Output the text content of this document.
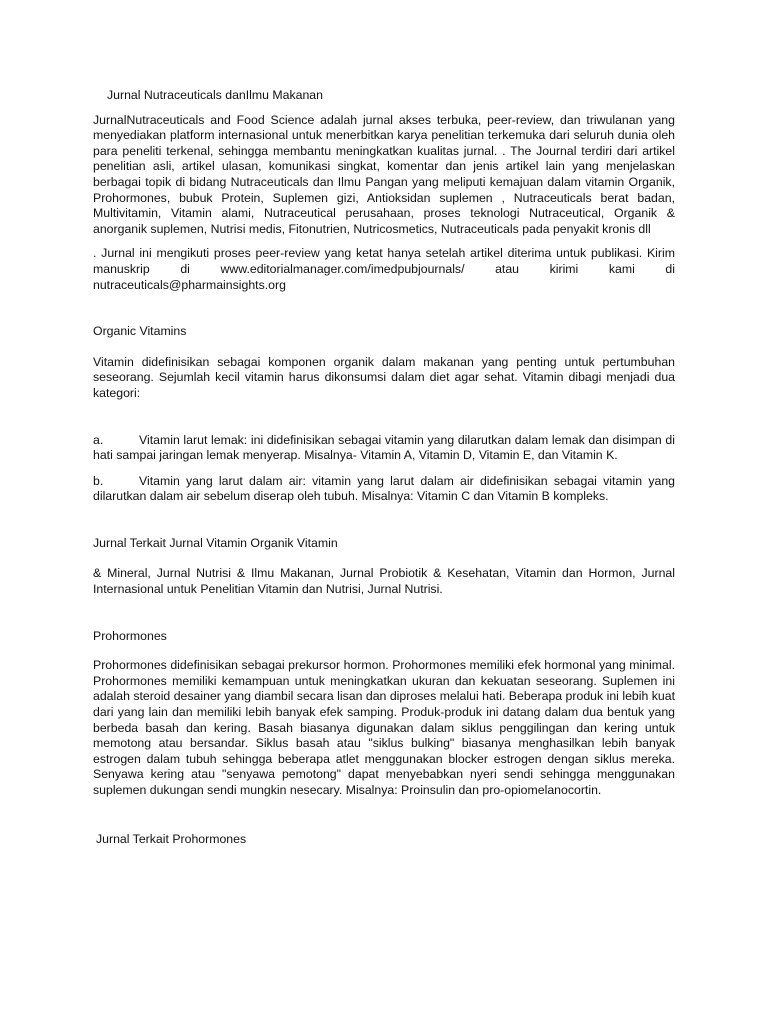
Jurnal Nutraceuticals danIlmu Makanan

JurnalNutraceuticals and Food Science adalah jurnal akses terbuka, peer-review, dan triwulanan yang menyediakan platform internasional untuk menerbitkan karya penelitian terkemuka dari seluruh dunia oleh para peneliti terkenal, sehingga membantu meningkatkan kualitas jurnal. . The Journal terdiri dari artikel penelitian asli, artikel ulasan, komunikasi singkat, komentar dan jenis artikel lain yang menjelaskan berbagai topik di bidang Nutraceuticals dan Ilmu Pangan yang meliputi kemajuan dalam vitamin Organik, Prohormones, bubuk Protein, Suplemen gizi, Antioksidan suplemen , Nutraceuticals berat badan, Multivitamin, Vitamin alami, Nutraceutical perusahaan, proses teknologi Nutraceutical, Organik & anorganik suplemen, Nutrisi medis, Fitonutrien, Nutricosmetics, Nutraceuticals pada penyakit kronis dll

. Jurnal ini mengikuti proses peer-review yang ketat hanya setelah artikel diterima untuk publikasi. Kirim manuskrip di www.editorialmanager.com/imedpubjournals/ atau kirimi kami di nutraceuticals@pharmainsights.org

Organic Vitamins

Vitamin didefinisikan sebagai komponen organik dalam makanan yang penting untuk pertumbuhan seseorang. Sejumlah kecil vitamin harus dikonsumsi dalam diet agar sehat. Vitamin dibagi menjadi dua kategori:

a.	Vitamin larut lemak: ini didefinisikan sebagai vitamin yang dilarutkan dalam lemak dan disimpan di hati sampai jaringan lemak menyerap. Misalnya- Vitamin A, Vitamin D, Vitamin E, dan Vitamin K.

b.	Vitamin yang larut dalam air: vitamin yang larut dalam air didefinisikan sebagai vitamin yang dilarutkan dalam air sebelum diserap oleh tubuh. Misalnya: Vitamin C dan Vitamin B kompleks.

Jurnal Terkait Jurnal Vitamin Organik Vitamin

& Mineral, Jurnal Nutrisi & Ilmu Makanan, Jurnal Probiotik & Kesehatan, Vitamin dan Hormon, Jurnal Internasional untuk Penelitian Vitamin dan Nutrisi, Jurnal Nutrisi.

Prohormones

Prohormones didefinisikan sebagai prekursor hormon. Prohormones memiliki efek hormonal yang minimal. Prohormones memiliki kemampuan untuk meningkatkan ukuran dan kekuatan seseorang. Suplemen ini adalah steroid desainer yang diambil secara lisan dan diproses melalui hati. Beberapa produk ini lebih kuat dari yang lain dan memiliki lebih banyak efek samping. Produk-produk ini datang dalam dua bentuk yang berbeda basah dan kering. Basah biasanya digunakan dalam siklus penggilingan dan kering untuk memotong atau bersandar. Siklus basah atau "siklus bulking" biasanya menghasilkan lebih banyak estrogen dalam tubuh sehingga beberapa atlet menggunakan blocker estrogen dengan siklus mereka. Senyawa kering atau "senyawa pemotong" dapat menyebabkan nyeri sendi sehingga menggunakan suplemen dukungan sendi mungkin nesecary. Misalnya: Proinsulin dan pro-opiomelanocortin.

Jurnal Terkait Prohormones
